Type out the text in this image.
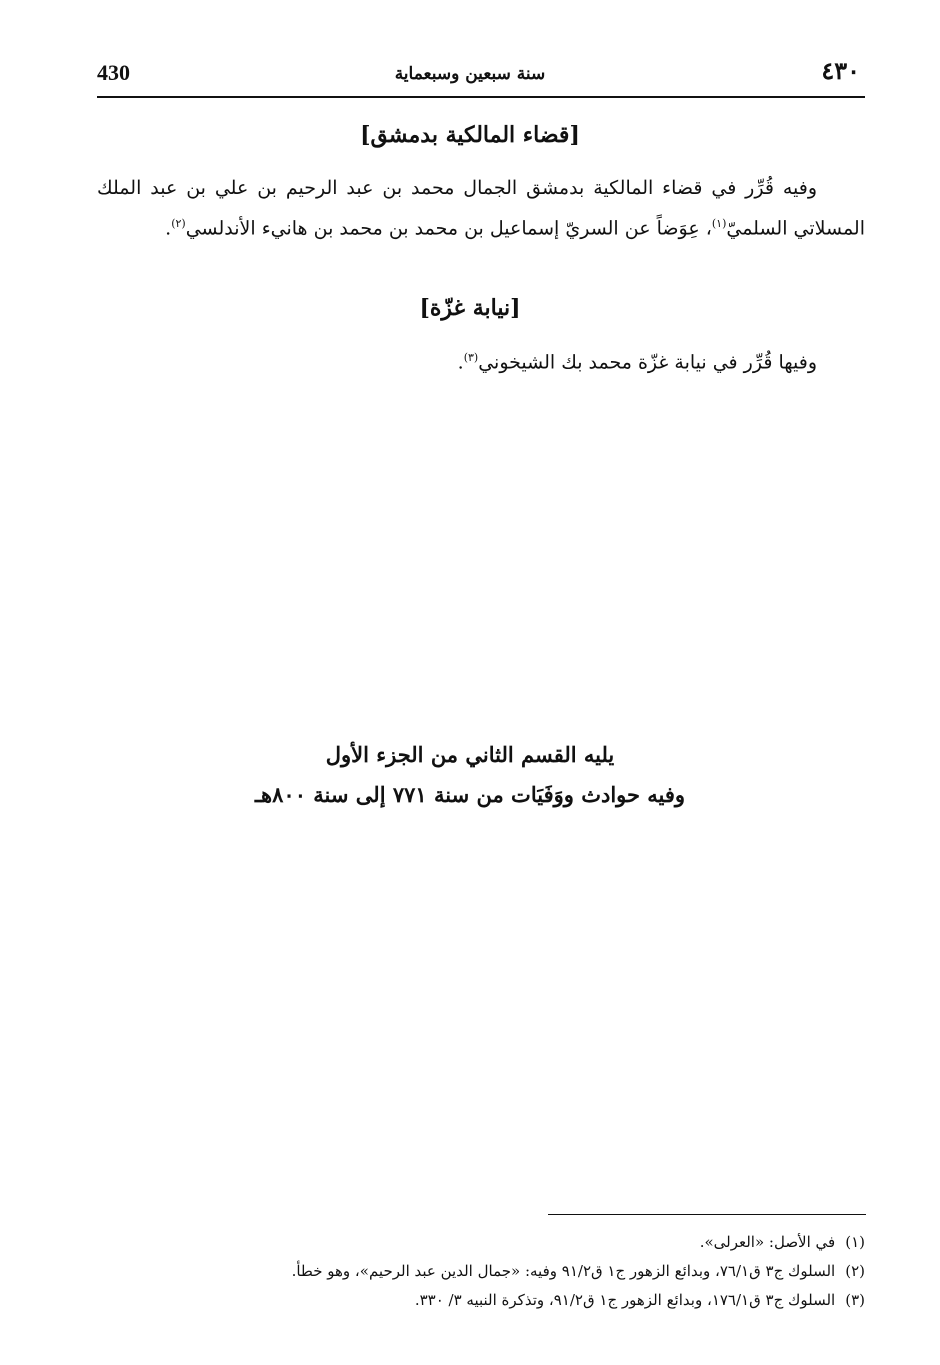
430	سنة سبعين وسبعماية	٤٣٠
[قضاء المالكية بدمشق]
وفيه قُرِّر في قضاء المالكية بدمشق الجمال محمد بن عبد الرحيم بن علي بن عبد الملك المسلاتي السلميّ$^{(١)}$، عِوَضاً عن السريّ إسماعيل بن محمد بن محمد بن هانيء الأندلسي$^{(٢)}$.
[نيابة غزّة]
وفيها قُرِّر في نيابة غزّة محمد بك الشيخوني$^{(٣)}$.
يليه القسم الثاني من الجزء الأول
وفيه حوادث ووَفَيَات من سنة ٧٧١ إلى سنة ٨٠٠هـ
(١)في الأصل: «العرلى».
(٢)السلوك ج٣ ق٧٦/١، وبدائع الزهور ج١ ق٩١/٢ وفيه: «جمال الدين عبد الرحيم»، وهو خطأ.
(٣)السلوك ج٣ ق١٧٦/١، وبدائع الزهور ج١ ق٩١/٢، وتذكرة النبيه ٣/ ٣٣٠.
